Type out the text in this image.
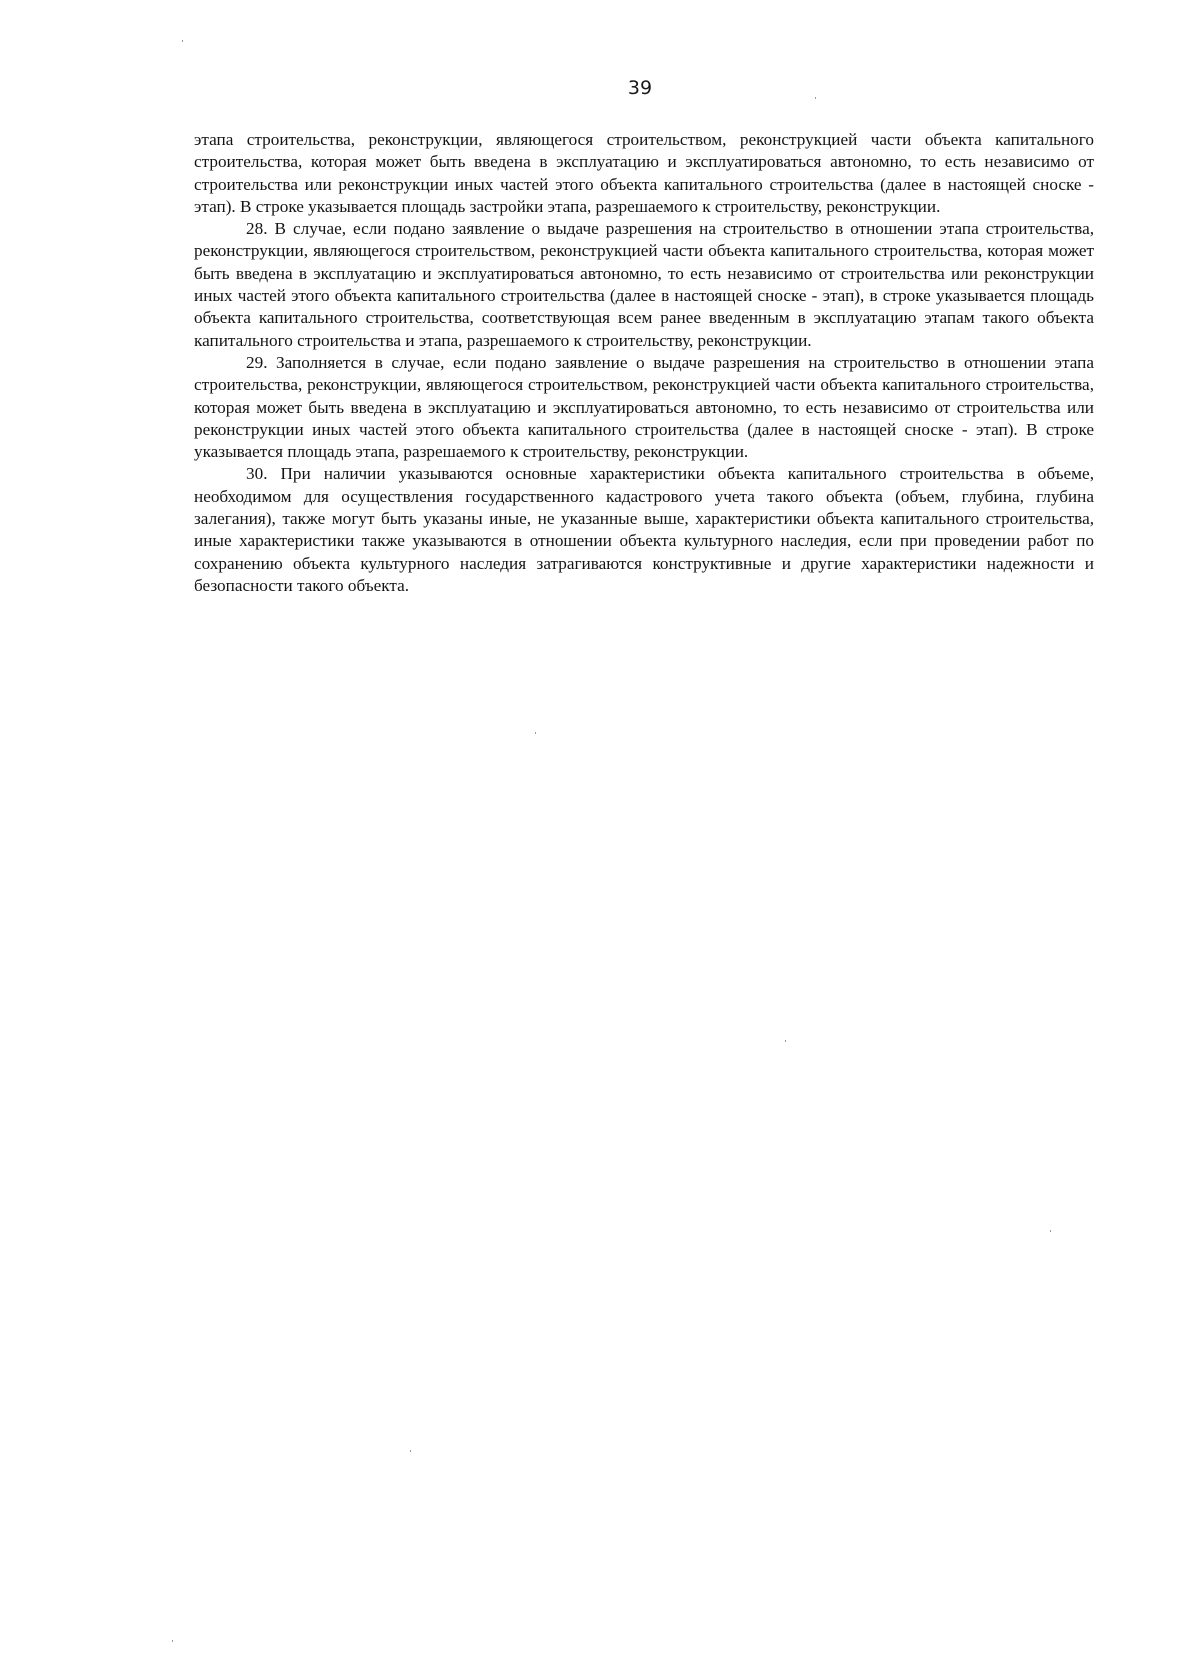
39

этапа строительства, реконструкции, являющегося строительством, реконструкцией части объекта капитального строительства, которая может быть введена в эксплуатацию и эксплуатироваться автономно, то есть независимо от строительства или реконструкции иных частей этого объекта капитального строительства (далее в настоящей сноске - этап). В строке указывается площадь застройки этапа, разрешаемого к строительству, реконструкции.

28. В случае, если подано заявление о выдаче разрешения на строительство в отношении этапа строительства, реконструкции, являющегося строительством, реконструкцией части объекта капитального строительства, которая может быть введена в эксплуатацию и эксплуатироваться автономно, то есть независимо от строительства или реконструкции иных частей этого объекта капитального строительства (далее в настоящей сноске - этап), в строке указывается площадь объекта капитального строительства, соответствующая всем ранее введенным в эксплуатацию этапам такого объекта капитального строительства и этапа, разрешаемого к строительству, реконструкции.

29. Заполняется в случае, если подано заявление о выдаче разрешения на строительство в отношении этапа строительства, реконструкции, являющегося строительством, реконструкцией части объекта капитального строительства, которая может быть введена в эксплуатацию и эксплуатироваться автономно, то есть независимо от строительства или реконструкции иных частей этого объекта капитального строительства (далее в настоящей сноске - этап). В строке указывается площадь этапа, разрешаемого к строительству, реконструкции.

30. При наличии указываются основные характеристики объекта капитального строительства в объеме, необходимом для осуществления государственного кадастрового учета такого объекта (объем, глубина, глубина залегания), также могут быть указаны иные, не указанные выше, характеристики объекта капитального строительства, иные характеристики также указываются в отношении объекта культурного наследия, если при проведении работ по сохранению объекта культурного наследия затрагиваются конструктивные и другие характеристики надежности и безопасности такого объекта.
